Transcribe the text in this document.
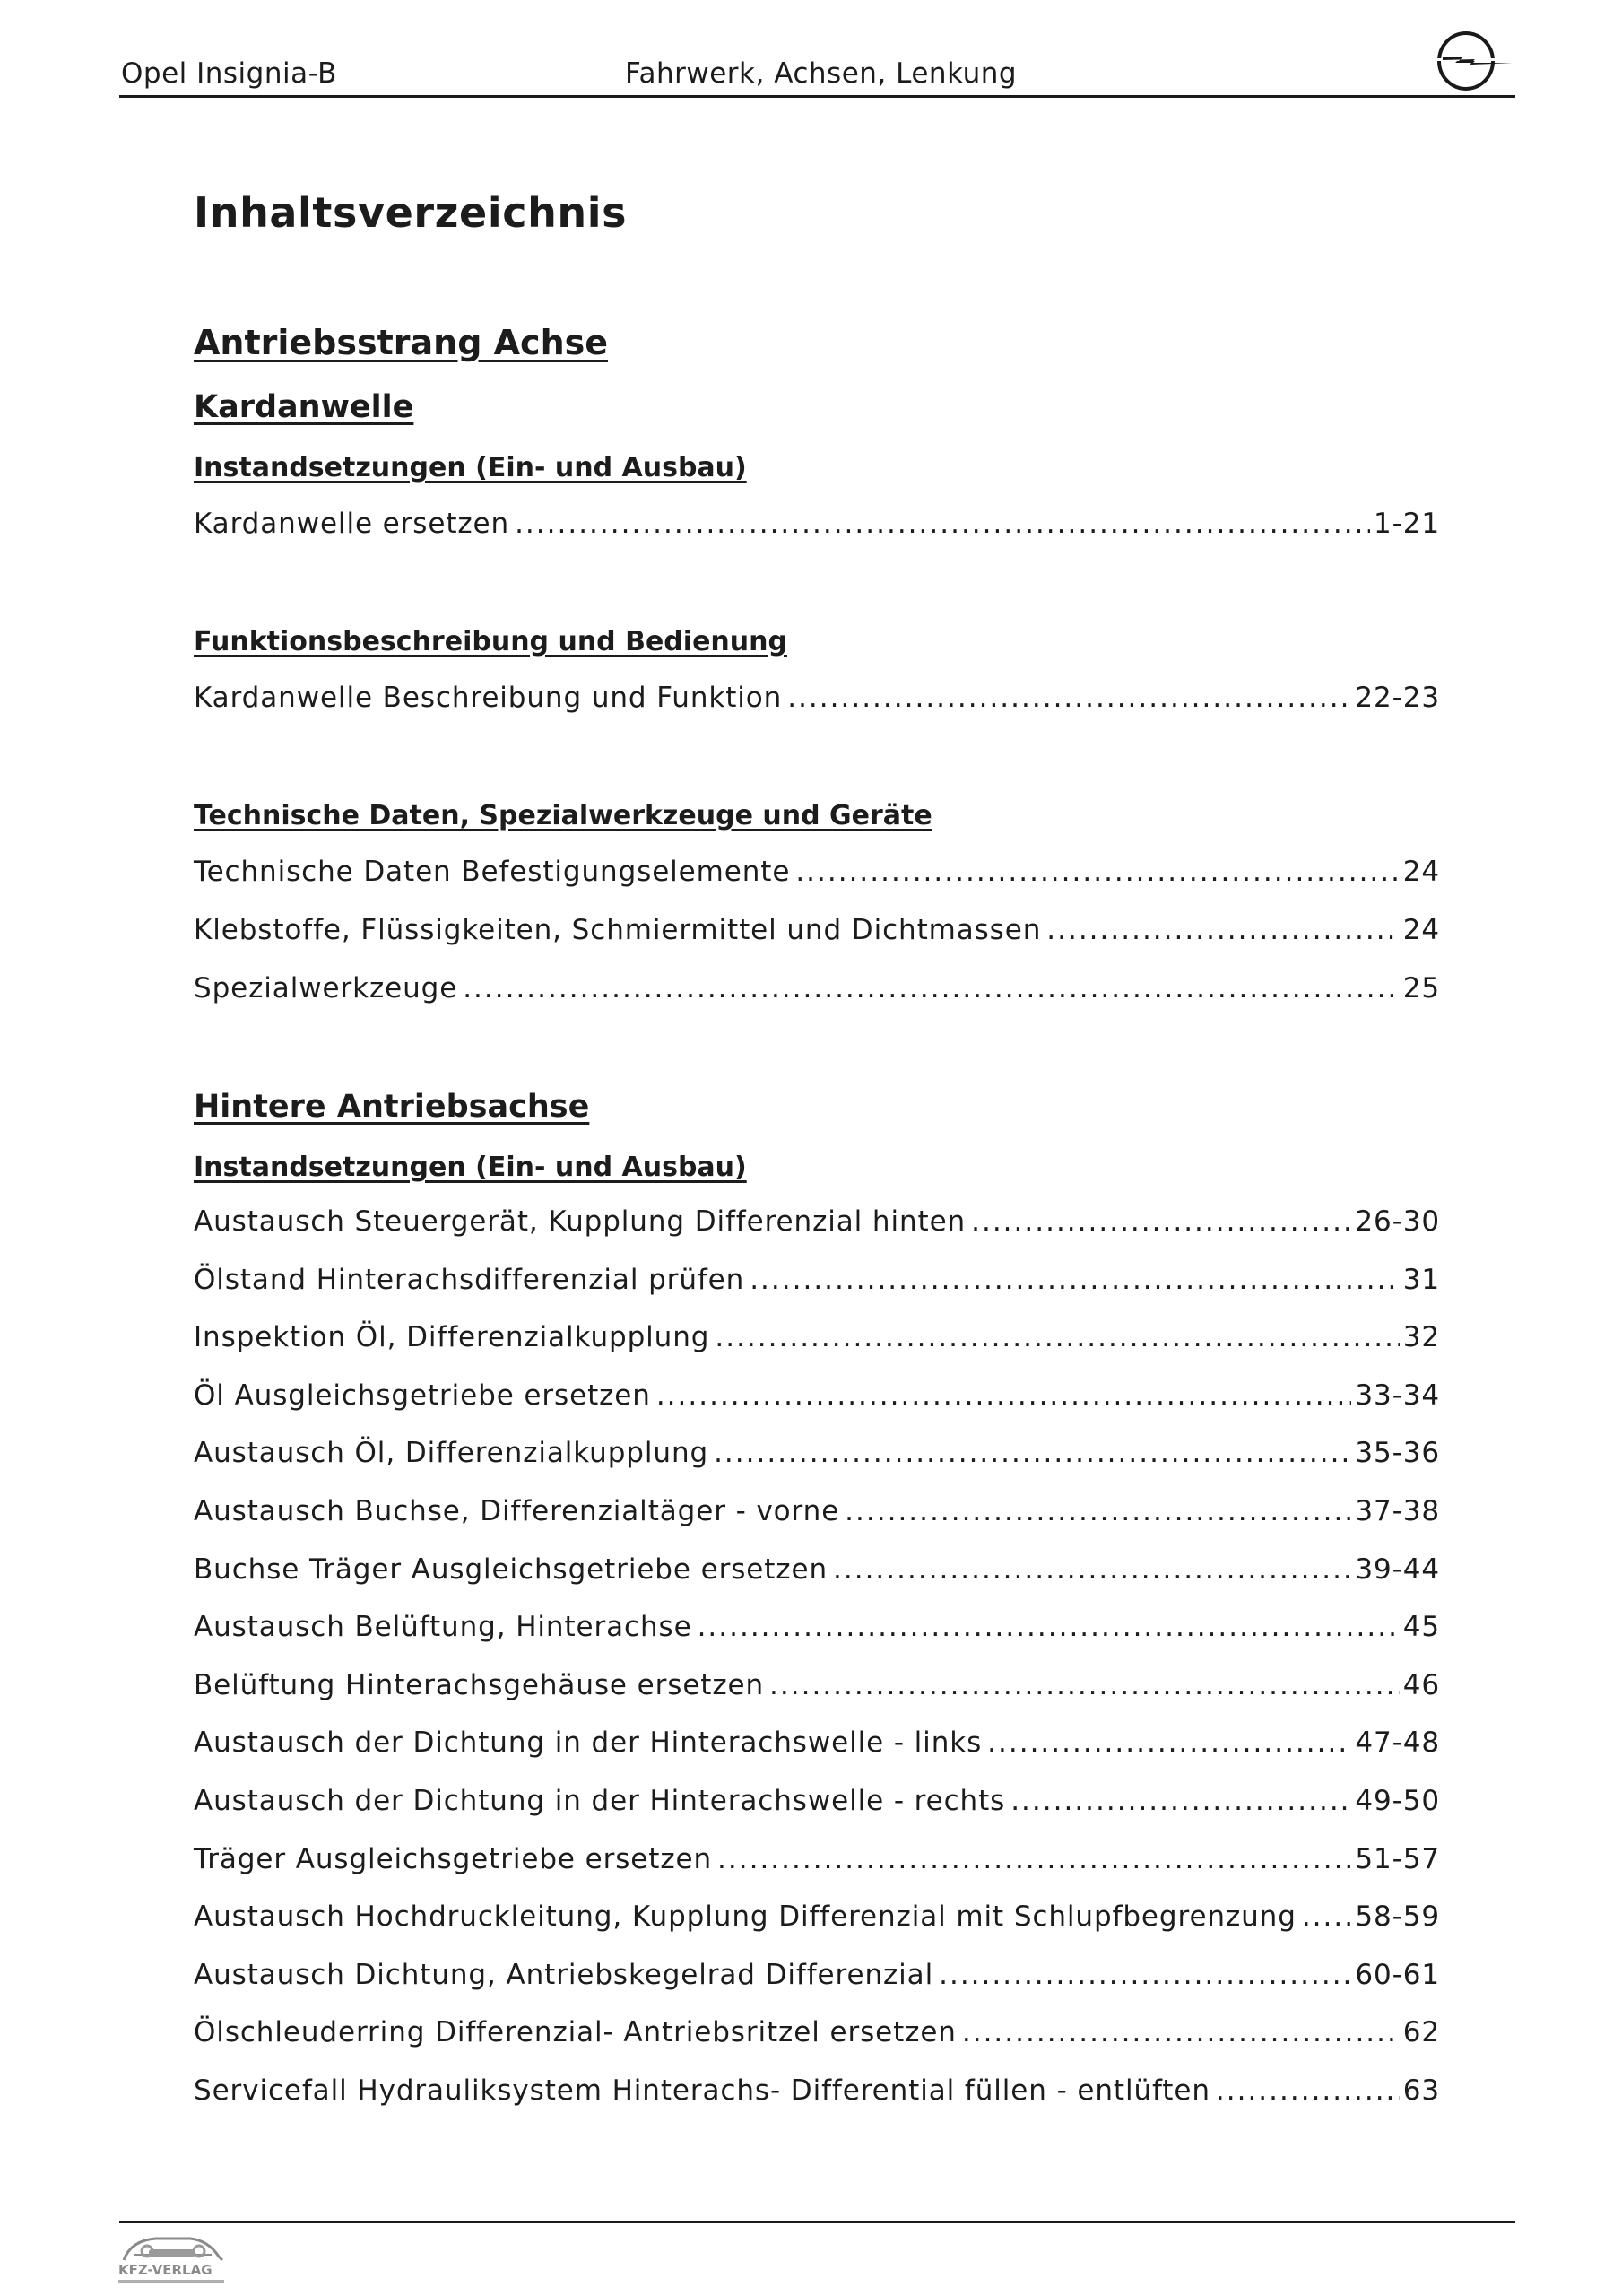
Opel Insignia-B	Fahrwerk, Achsen, Lenkung
Inhaltsverzeichnis
Antriebsstrang Achse
Kardanwelle
Instandsetzungen (Ein- und Ausbau)
Kardanwelle ersetzen .....	1-21
Funktionsbeschreibung und Bedienung
Kardanwelle Beschreibung und Funktion .....	22-23
Technische Daten, Spezialwerkzeuge und Geräte
Technische Daten Befestigungselemente .....	24
Klebstoffe, Flüssigkeiten, Schmiermittel und Dichtmassen .....	24
Spezialwerkzeuge .....	25
Hintere Antriebsachse
Instandsetzungen (Ein- und Ausbau)
Austausch Steuergerät, Kupplung Differenzial hinten .....	26-30
Ölstand Hinterachsdifferenzial prüfen .....	31
Inspektion Öl, Differenzialkupplung .....	32
Öl Ausgleichsgetriebe ersetzen .....	33-34
Austausch Öl, Differenzialkupplung .....	35-36
Austausch Buchse, Differenzialtäger - vorne .....	37-38
Buchse Träger Ausgleichsgetriebe ersetzen .....	39-44
Austausch Belüftung, Hinterachse .....	45
Belüftung Hinterachsgehäuse ersetzen .....	46
Austausch der Dichtung in der Hinterachswelle - links .....	47-48
Austausch der Dichtung in der Hinterachswelle - rechts .....	49-50
Träger Ausgleichsgetriebe ersetzen .....	51-57
Austausch Hochdruckleitung, Kupplung Differenzial mit Schlupfbegrenzung ..... 58-59
Austausch Dichtung, Antriebskegelrad Differenzial .....	60-61
Ölschleuderring Differenzial- Antriebsritzel ersetzen .....	62
Servicefall Hydrauliksystem Hinterachs- Differential füllen - entlüften .....	63
KFZ-VERLAG
